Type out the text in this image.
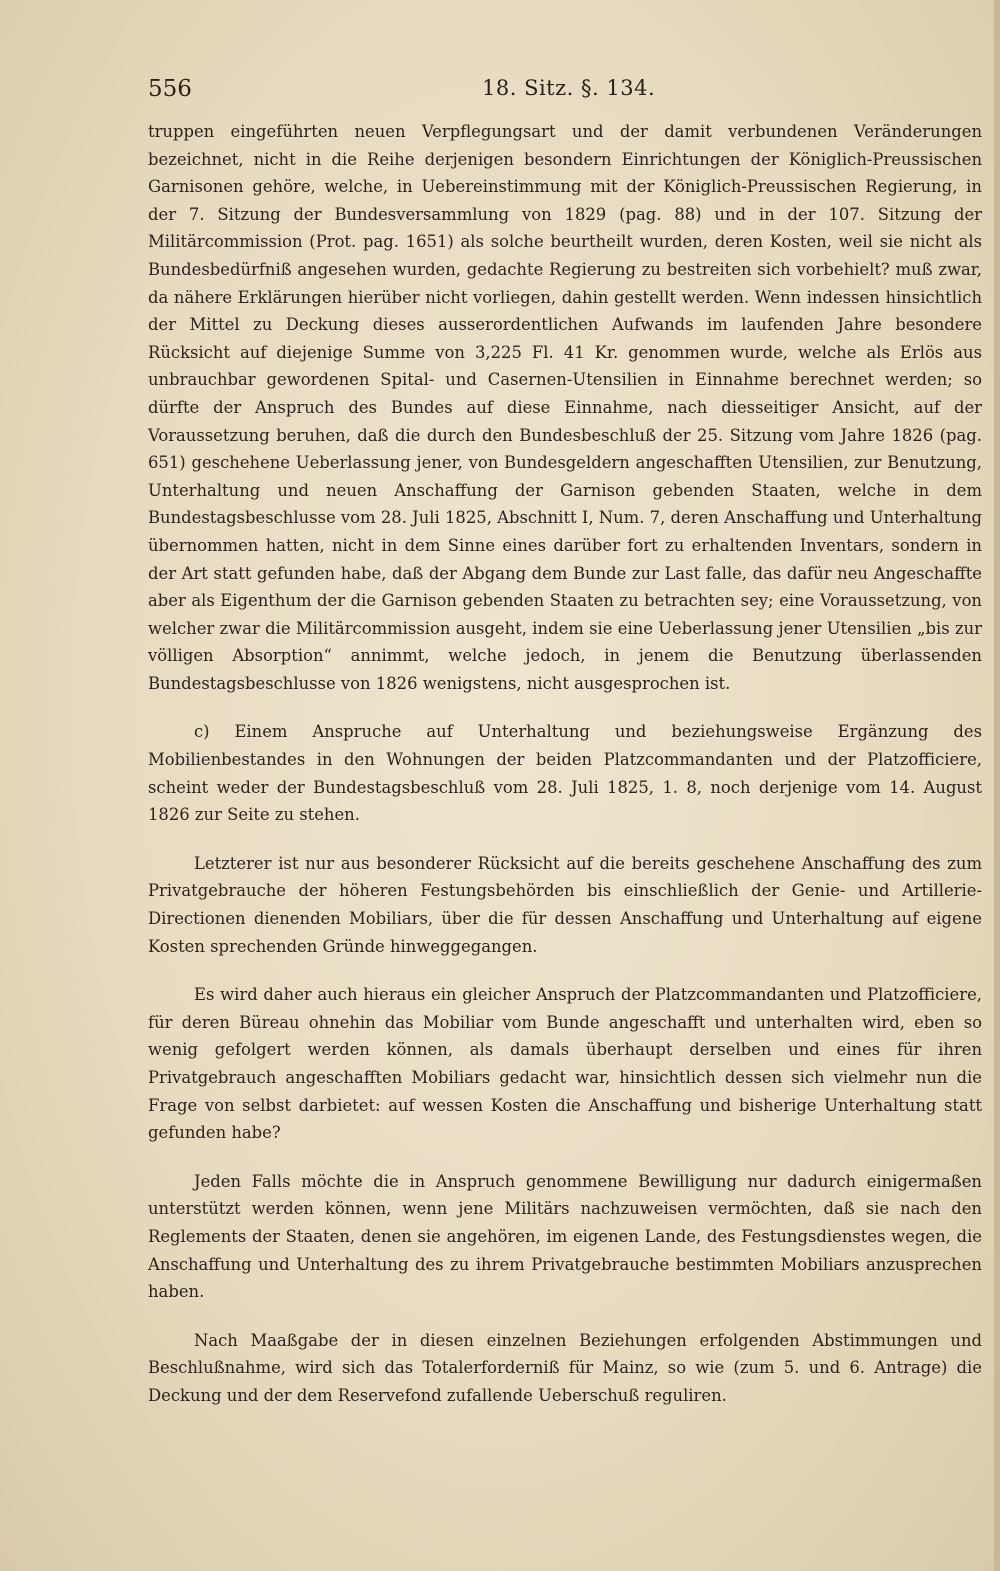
556	18. Sitz. §. 134.

truppen eingeführten neuen Verpflegungsart und der damit verbundenen Veränderungen bezeichnet, nicht in die Reihe derjenigen besondern Einrichtungen der Königlich-Preussischen Garnisonen gehöre, welche, in Uebereinstimmung mit der Königlich-Preussischen Regierung, in der 7. Sitzung der Bundesversammlung von 1829 (pag. 88) und in der 107. Sitzung der Militärcommission (Prot. pag. 1651) als solche beurtheilt wurden, deren Kosten, weil sie nicht als Bundesbedürfniß angesehen wurden, gedachte Regierung zu bestreiten sich vorbehielt? muß zwar, da nähere Erklärungen hierüber nicht vorliegen, dahin gestellt werden. Wenn indessen hinsichtlich der Mittel zu Deckung dieses ausserordentlichen Aufwands im laufenden Jahre besondere Rücksicht auf diejenige Summe von 3,225 Fl. 41 Kr. genommen wurde, welche als Erlös aus unbrauchbar gewordenen Spital- und Casernen-Utensilien in Einnahme berechnet werden; so dürfte der Anspruch des Bundes auf diese Einnahme, nach diesseitiger Ansicht, auf der Voraussetzung beruhen, daß die durch den Bundesbeschluß der 25. Sitzung vom Jahre 1826 (pag. 651) geschehene Ueberlassung jener, von Bundesgeldern angeschafften Utensilien, zur Benutzung, Unterhaltung und neuen Anschaffung der Garnison gebenden Staaten, welche in dem Bundestagsbeschlusse vom 28. Juli 1825, Abschnitt I, Num. 7, deren Anschaffung und Unterhaltung übernommen hatten, nicht in dem Sinne eines darüber fort zu erhaltenden Inventars, sondern in der Art statt gefunden habe, daß der Abgang dem Bunde zur Last falle, das dafür neu Angeschaffte aber als Eigenthum der die Garnison gebenden Staaten zu betrachten sey; eine Voraussetzung, von welcher zwar die Militärcommission ausgeht, indem sie eine Ueberlassung jener Utensilien „bis zur völligen Absorption“ annimmt, welche jedoch, in jenem die Benutzung überlassenden Bundestagsbeschlusse von 1826 wenigstens, nicht ausgesprochen ist.

c) Einem Anspruche auf Unterhaltung und beziehungsweise Ergänzung des Mobilienbestandes in den Wohnungen der beiden Platzcommandanten und der Platzofficiere, scheint weder der Bundestagsbeschluß vom 28. Juli 1825, 1. 8, noch derjenige vom 14. August 1826 zur Seite zu stehen.

Letzterer ist nur aus besonderer Rücksicht auf die bereits geschehene Anschaffung des zum Privatgebrauche der höheren Festungsbehörden bis einschließlich der Genie- und Artillerie-Directionen dienenden Mobiliars, über die für dessen Anschaffung und Unterhaltung auf eigene Kosten sprechenden Gründe hinweggegangen.

Es wird daher auch hieraus ein gleicher Anspruch der Platzcommandanten und Platzofficiere, für deren Büreau ohnehin das Mobiliar vom Bunde angeschafft und unterhalten wird, eben so wenig gefolgert werden können, als damals überhaupt derselben und eines für ihren Privatgebrauch angeschafften Mobiliars gedacht war, hinsichtlich dessen sich vielmehr nun die Frage von selbst darbietet: auf wessen Kosten die Anschaffung und bisherige Unterhaltung statt gefunden habe?

Jeden Falls möchte die in Anspruch genommene Bewilligung nur dadurch einigermaßen unterstützt werden können, wenn jene Militärs nachzuweisen vermöchten, daß sie nach den Reglements der Staaten, denen sie angehören, im eigenen Lande, des Festungsdienstes wegen, die Anschaffung und Unterhaltung des zu ihrem Privatgebrauche bestimmten Mobiliars anzusprechen haben.

Nach Maaßgabe der in diesen einzelnen Beziehungen erfolgenden Abstimmungen und Beschlußnahme, wird sich das Totalerforderniß für Mainz, so wie (zum 5. und 6. Antrage) die Deckung und der dem Reservefond zufallende Ueberschuß reguliren.
